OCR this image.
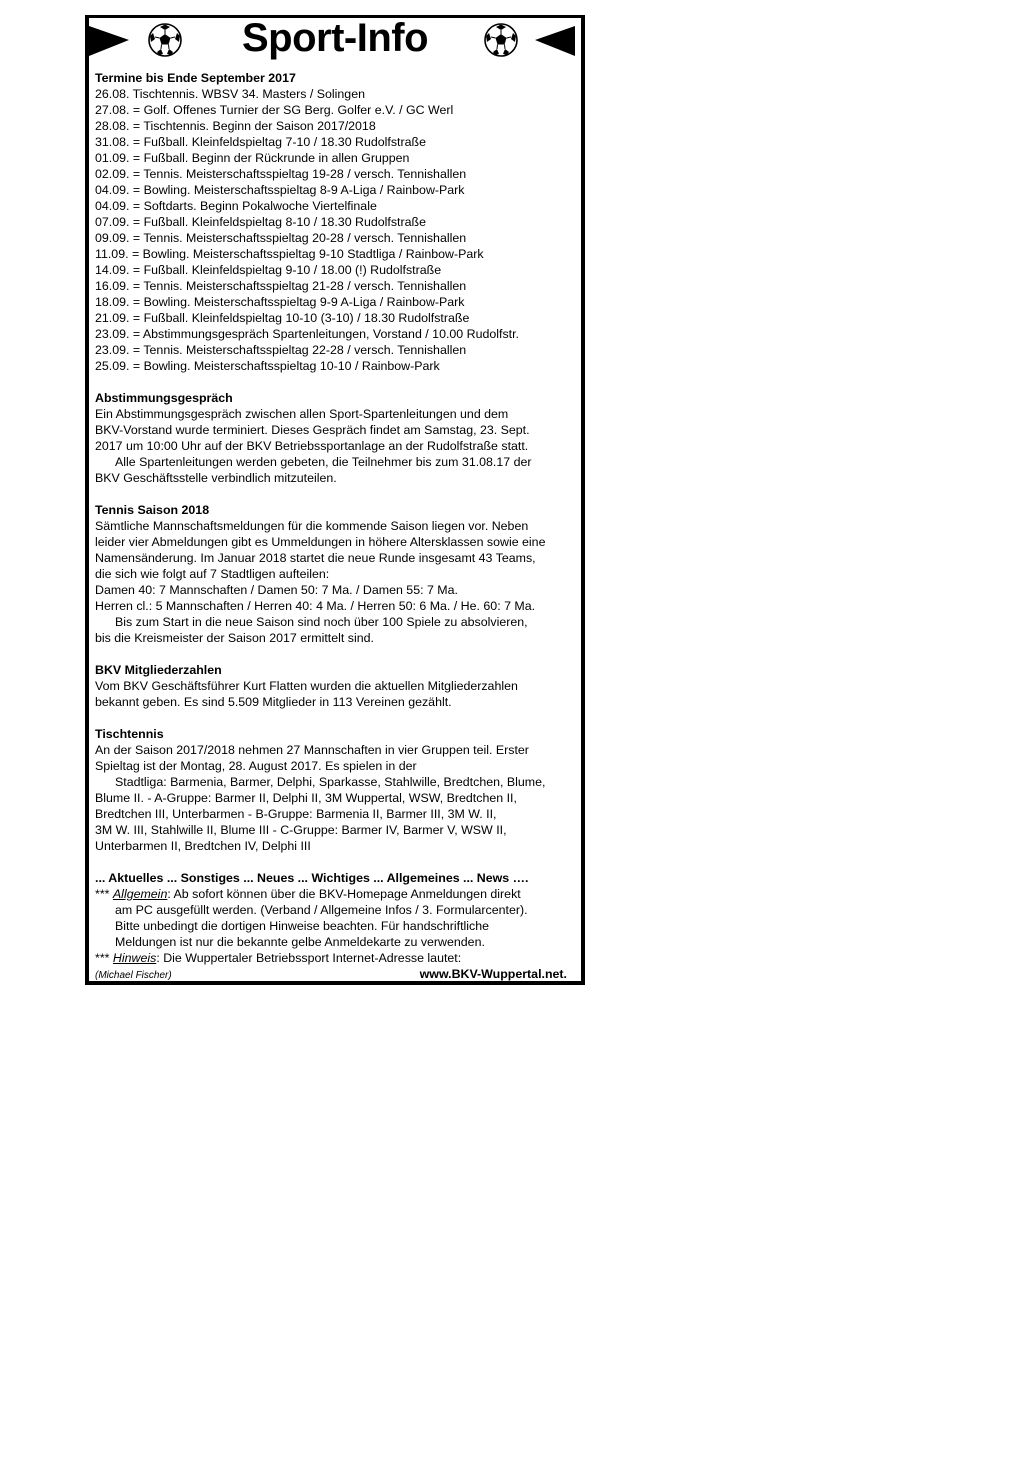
Sport-Info
Termine bis Ende September 2017
26.08. Tischtennis. WBSV 34. Masters / Solingen
27.08. = Golf. Offenes Turnier der SG Berg. Golfer e.V. / GC Werl
28.08. = Tischtennis. Beginn der Saison 2017/2018
31.08. = Fußball. Kleinfeldspieltag 7-10 / 18.30 Rudolfstraße
01.09. = Fußball. Beginn der Rückrunde in allen Gruppen
02.09. = Tennis. Meisterschaftsspieltag 19-28 / versch. Tennishallen
04.09. = Bowling. Meisterschaftsspieltag 8-9 A-Liga / Rainbow-Park
04.09. = Softdarts. Beginn Pokalwoche Viertelfinale
07.09. = Fußball. Kleinfeldspieltag 8-10 / 18.30 Rudolfstraße
09.09. = Tennis. Meisterschaftsspieltag 20-28 / versch. Tennishallen
11.09. = Bowling. Meisterschaftsspieltag 9-10 Stadtliga / Rainbow-Park
14.09. = Fußball. Kleinfeldspieltag 9-10 / 18.00 (!) Rudolfstraße
16.09. = Tennis. Meisterschaftsspieltag 21-28 / versch. Tennishallen
18.09. = Bowling. Meisterschaftsspieltag 9-9 A-Liga / Rainbow-Park
21.09. = Fußball. Kleinfeldspieltag 10-10 (3-10) / 18.30 Rudolfstraße
23.09. = Abstimmungsgespräch Spartenleitungen, Vorstand / 10.00 Rudolfstr.
23.09. = Tennis. Meisterschaftsspieltag 22-28 / versch. Tennishallen
25.09. = Bowling. Meisterschaftsspieltag 10-10 / Rainbow-Park
Abstimmungsgespräch
Ein Abstimmungsgespräch zwischen allen Sport-Spartenleitungen und dem
BKV-Vorstand wurde terminiert. Dieses Gespräch findet am Samstag, 23. Sept.
2017 um 10:00 Uhr auf der BKV Betriebssportanlage an der Rudolfstraße statt.
Alle Spartenleitungen werden gebeten, die Teilnehmer bis zum 31.08.17 der
BKV Geschäftsstelle verbindlich mitzuteilen.
Tennis Saison 2018
Sämtliche Mannschaftsmeldungen für die kommende Saison liegen vor. Neben
leider vier Abmeldungen gibt es Ummeldungen in höhere Altersklassen sowie eine
Namensänderung. Im Januar 2018 startet die neue Runde insgesamt 43 Teams,
die sich wie folgt auf 7 Stadtligen aufteilen:
Damen 40: 7 Mannschaften / Damen 50: 7 Ma. / Damen 55: 7 Ma.
Herren cl.: 5 Mannschaften / Herren 40: 4 Ma. / Herren 50: 6 Ma. / He. 60: 7 Ma.
Bis zum Start in die neue Saison sind noch über 100 Spiele zu absolvieren,
bis die Kreismeister der Saison 2017 ermittelt sind.
BKV Mitgliederzahlen
Vom BKV Geschäftsführer Kurt Flatten wurden die aktuellen Mitgliederzahlen
bekannt geben. Es sind 5.509 Mitglieder in 113 Vereinen gezählt.
Tischtennis
An der Saison 2017/2018 nehmen 27 Mannschaften in vier Gruppen teil. Erster
Spieltag ist der Montag, 28. August 2017. Es spielen in der
Stadtliga: Barmenia, Barmer, Delphi, Sparkasse, Stahlwille, Bredtchen, Blume,
Blume II. - A-Gruppe: Barmer II, Delphi II, 3M Wuppertal, WSW, Bredtchen II,
Bredtchen III, Unterbarmen - B-Gruppe: Barmenia II, Barmer III, 3M W. II,
3M W. III, Stahlwille II, Blume III - C-Gruppe: Barmer IV, Barmer V, WSW II,
Unterbarmen II, Bredtchen IV, Delphi III
... Aktuelles ... Sonstiges ... Neues ... Wichtiges ... Allgemeines ... News ….
*** Allgemein: Ab sofort können über die BKV-Homepage Anmeldungen direkt
am PC ausgefüllt werden. (Verband / Allgemeine Infos / 3. Formularcenter).
Bitte unbedingt die dortigen Hinweise beachten. Für handschriftliche
Meldungen ist nur die bekannte gelbe Anmeldekarte zu verwenden.
*** Hinweis: Die Wuppertaler Betriebssport Internet-Adresse lautet:
(Michael Fischer)	www.BKV-Wuppertal.net.
